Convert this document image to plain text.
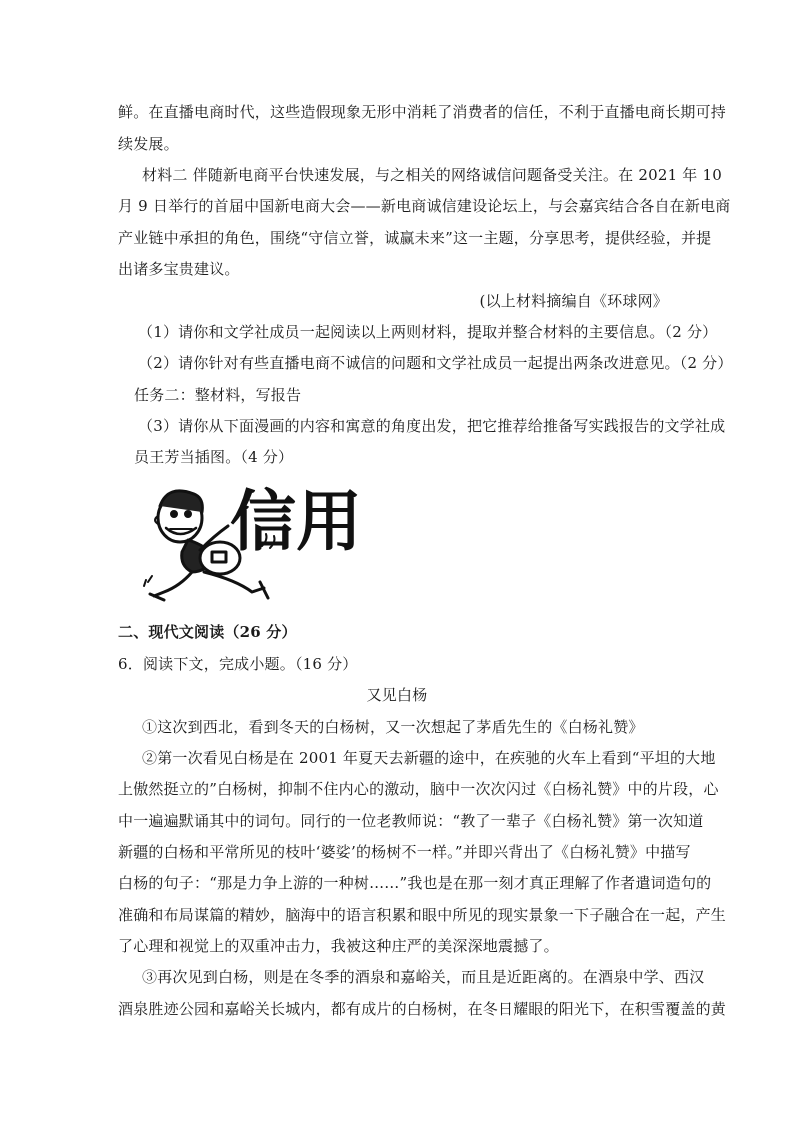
鲜。在直播电商时代，这些造假现象无形中消耗了消费者的信任，不利于直播电商长期可持
续发展。
材料二 伴随新电商平台快速发展，与之相关的网络诚信问题备受关注。在 2021 年 10
月 9 日举行的首届中国新电商大会——新电商诚信建设论坛上，与会嘉宾结合各自在新电商
产业链中承担的角色，围绕“守信立誉，诚赢未来”这一主题，分享思考，提供经验，并提
出诸多宝贵建议。
(以上材料摘编自《环球网》
（1）请你和文学社成员一起阅读以上两则材料，提取并整合材料的主要信息。（2 分）
（2）请你针对有些直播电商不诚信的问题和文学社成员一起提出两条改进意见。（2 分）
任务二：整材料，写报告
（3）请你从下面漫画的内容和寓意的角度出发，把它推荐给推备写实践报告的文学社成
员王芳当插图。（4 分）
信用
二、现代文阅读（26 分）
6．阅读下文，完成小题。（16 分）
又见白杨
①这次到西北，看到冬天的白杨树，又一次想起了茅盾先生的《白杨礼赞》
②第一次看见白杨是在 2001 年夏天去新疆的途中，在疾驰的火车上看到“平坦的大地
上傲然挺立的”白杨树，抑制不住内心的激动，脑中一次次闪过《白杨礼赞》中的片段，心
中一遍遍默诵其中的词句。同行的一位老教师说：“教了一辈子《白杨礼赞》第一次知道
新疆的白杨和平常所见的枝叶‘婆娑’的杨树不一样。”并即兴背出了《白杨礼赞》中描写
白杨的句子：“那是力争上游的一种树……”我也是在那一刻才真正理解了作者遣词造句的
准确和布局谋篇的精妙，脑海中的语言积累和眼中所见的现实景象一下子融合在一起，产生
了心理和视觉上的双重冲击力，我被这种庄严的美深深地震撼了。
③再次见到白杨，则是在冬季的酒泉和嘉峪关，而且是近距离的。在酒泉中学、西汉
酒泉胜迹公园和嘉峪关长城内，都有成片的白杨树，在冬日耀眼的阳光下，在积雪覆盖的黄
